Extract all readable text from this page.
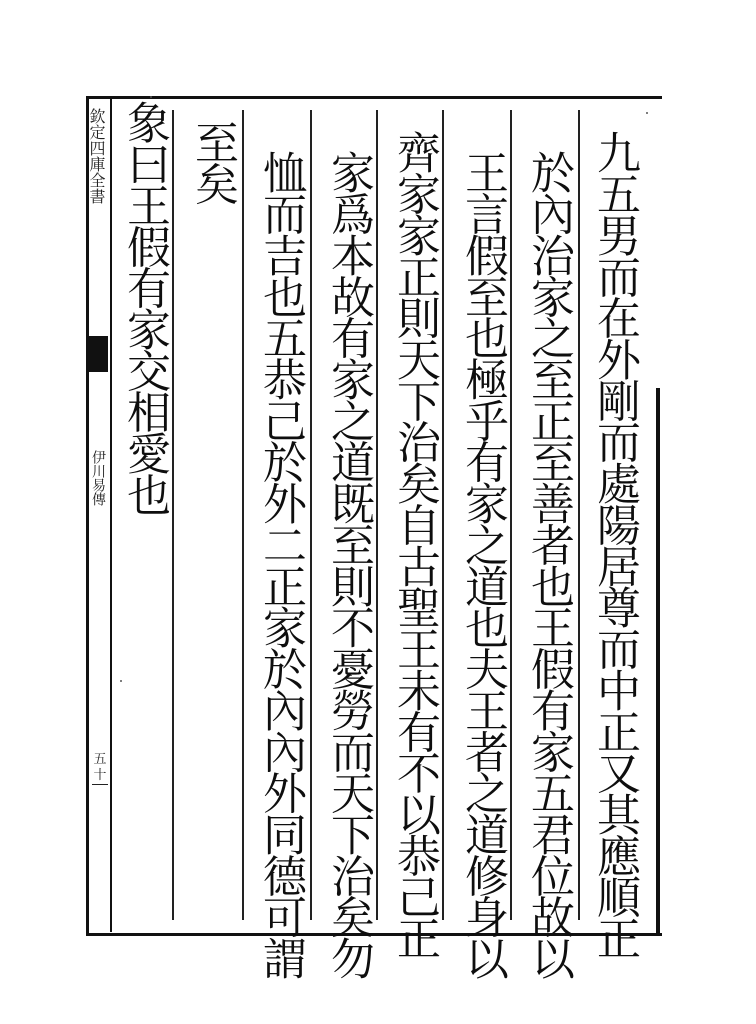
欽定四庫全書
伊川易傳
五十	九五男而在外剛而處陽居尊而中正又其應順正
於內治家之至正至善者也王假有家五君位故以
王言假至也極乎有家之道也夫王者之道修身以
齊家家正則天下治矣自古聖王未有不以恭己正
家爲本故有家之道既至則不憂勞而天下治矣勿
恤而吉也五恭己於外二正家於內內外同德可謂
至矣
象曰王假有家交相愛也
